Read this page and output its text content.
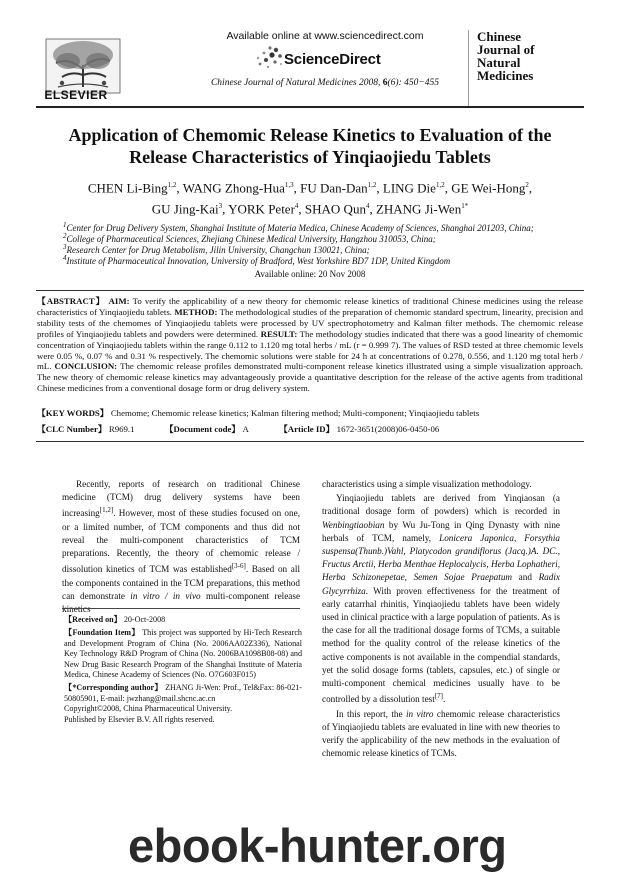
ELSEVIER
Available online at www.sciencedirect.com
ScienceDirect
Chinese Journal of Natural Medicines 2008, 6(6): 450−455
Chinese
Journal of
Natural
Medicines
Application of Chemomic Release Kinetics to Evaluation of the Release Characteristics of Yinqiaojiedu Tablets
CHEN Li-Bing$^{1,2}$, WANG Zhong-Hua$^{1,3}$, FU Dan-Dan$^{1,2}$, LING Die$^{1,2}$, GE Wei-Hong$^2$,
GU Jing-Kai$^3$, YORK Peter$^4$, SHAO Qun$^4$, ZHANG Ji-Wen$^{1*}$
$^1$Center for Drug Delivery System, Shanghai Institute of Materia Medica, Chinese Academy of Sciences, Shanghai 201203, China;
$^2$College of Pharmaceutical Sciences, Zhejiang Chinese Medical University, Hangzhou 310053, China;
$^3$Research Center for Drug Metabolism, Jilin University, Changchun 130021, China;
$^4$Institute of Pharmaceutical Innovation, University of Bradford, West Yorkshire BD7 1DP, United Kingdom
Available online: 20 Nov 2008

【ABSTRACT】 AIM: To verify the applicability of a new theory for chemomic release kinetics of traditional Chinese medicines using the release characteristics of Yinqiaojiedu tablets. METHOD: The methodological studies of the preparation of chemomic standard spectrum, linearity, precision and stability tests of the chemomes of Yinqiaojiedu tablets were processed by UV spectrophotometry and Kalman filter methods. The chemomic release profiles of Yinqiaojiedu tablets and powders were determined. RESULT: The methodology studies indicated that there was a good linearity of chemomic concentration of Yinqiaojiedu tablets within the range 0.112 to 1.120 mg total herbs / mL (r = 0.999 7). The values of RSD tested at three chemomic levels were 0.05 %, 0.07 % and 0.31 % respectively. The chemomic solutions were stable for 24 h at concentrations of 0.278, 0.556, and 1.120 mg total herb / mL. CONCLUSION: The chemomic release profiles demonstrated multi-component release kinetics illustrated using a simple visualization approach. The new theory of chemomic release kinetics may advantageously provide a quantitative description for the release of the active agents from traditional Chinese medicines from a conventional dosage form or drug delivery system.

【KEY WORDS】 Chemome; Chemomic release kinetics; Kalman filtering method; Multi-component; Yinqiaojiedu tablets

【CLC Number】 R969.1	【Document code】 A	【Article ID】 1672-3651(2008)06-0450-06

Recently, reports of research on traditional Chinese medicine (TCM) drug delivery systems have been increasing[1,2]. However, most of these studies focused on one, or a limited number, of TCM components and thus did not reveal the multi-component characteristics of TCM preparations. Recently, the theory of chemomic release / dissolution kinetics of TCM was established[3-6]. Based on all the components contained in the TCM preparations, this method can demonstrate in vitro / in vivo multi-component release kinetics

【Received on】 20-Oct-2008
【Foundation Item】 This project was supported by Hi-Tech Research and Development Program of China (No. 2006AA02Z336), National Key Technology R&D Program of China (No. 2006BA1098B08-08) and New Drug Basic Research Program of the Shanghai Institute of Materia Medica, Chinese Academy of Sciences (No. O7G603F015)
【*Corresponding author】 ZHANG Ji-Wen: Prof., Tel&Fax: 86-021-50805901, E-mail: jwzhang@mail.shcnc.ac.cn
Copyright©2008, China Pharmaceutical University.
Published by Elsevier B.V. All rights reserved.

characteristics using a simple visualization methodology.

Yinqiaojiedu tablets are derived from Yinqiaosan (a traditional dosage form of powders) which is recorded in Wenbingtiaobian by Wu Ju-Tong in Qing Dynasty with nine herbals of TCM, namely, Lonicera Japonica, Forsythia suspensa(Thunb.)Vahl, Platycodon grandiflorus (Jacq.)A. DC., Fructus Arctii, Herba Menthae Heplocalycis, Herba Lophatheri, Herba Schizonepetae, Semen Sojae Praepatum and Radix Glycyrrhiza. With proven effectiveness for the treatment of early catarrhal rhinitis, Yinqiaojiedu tablets have been widely used in clinical practice with a large population of patients. As is the case for all the traditional dosage forms of TCMs, a suitable method for the quality control of the release kinetics of the active components is not available in the compendial standards, yet the solid dosage forms (tablets, capsules, etc.) of single or multi-component chemical medicines usually have to be controlled by a dissolution test[7].

In this report, the in vitro chemomic release characteristics of Yinqiaojiedu tablets are evaluated in line with new theories to verify the applicability of the new methods in the evaluation of chemomic release kinetics of TCMs.

ebook-hunter.org
